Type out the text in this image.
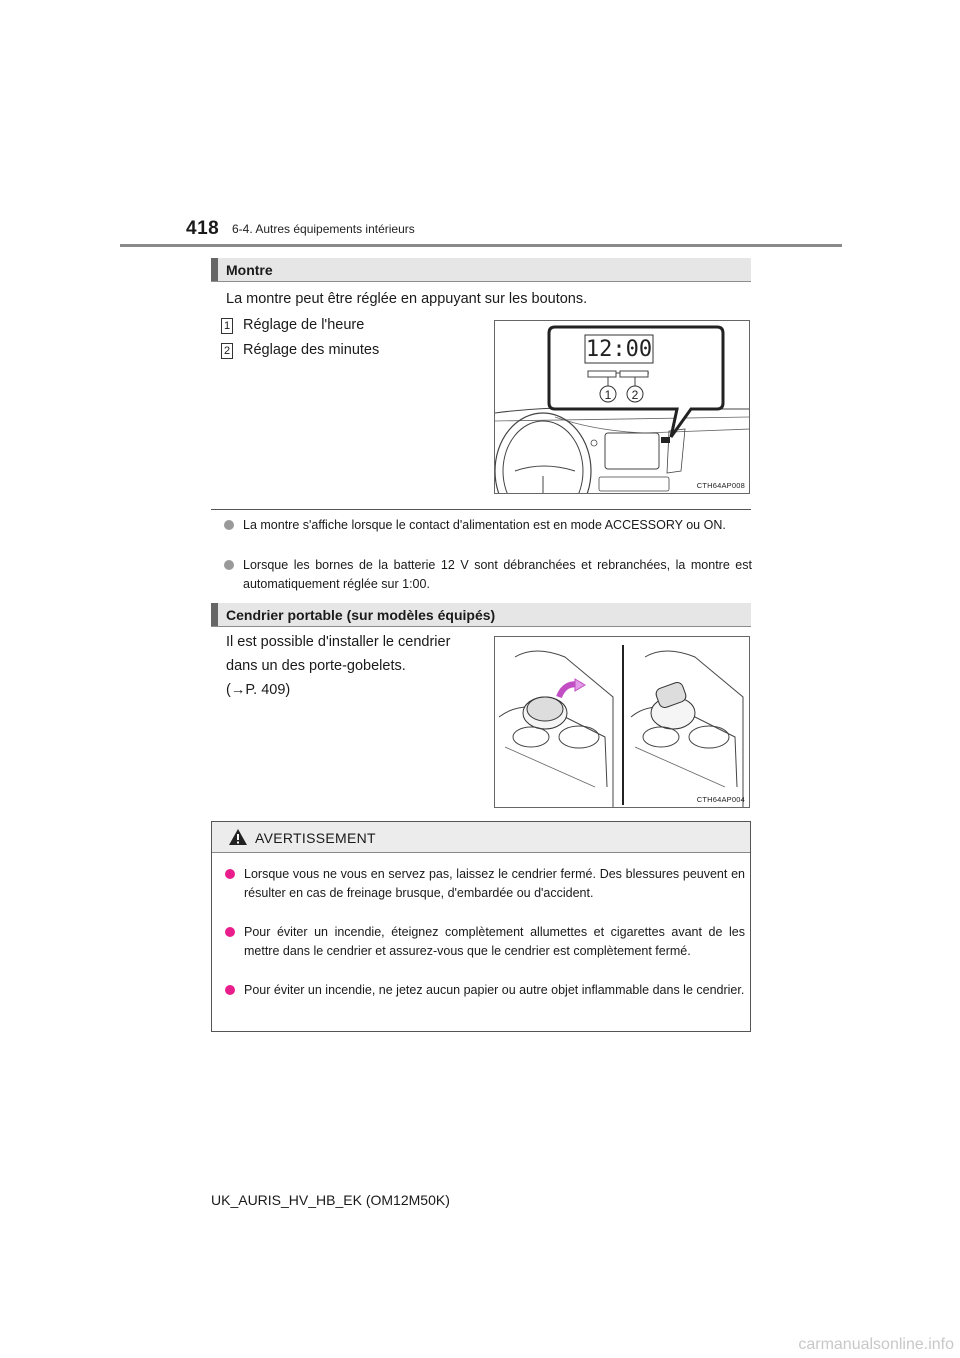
418 6-4. Autres équipements intérieurs
Montre
La montre peut être réglée en appuyant sur les boutons.
1 Réglage de l'heure
2 Réglage des minutes	12:00
1 2
CTH64AP008
La montre s'affiche lorsque le contact d'alimentation est en mode ACCESSORY ou ON.
Lorsque les bornes de la batterie 12 V sont débranchées et rebranchées, la montre est automatiquement réglée sur 1:00.
Cendrier portable (sur modèles équipés)
Il est possible d'installer le cendrier
dans un des porte-gobelets.
(→P. 409)
CTH64AP004
AVERTISSEMENT
Lorsque vous ne vous en servez pas, laissez le cendrier fermé. Des blessures peuvent en résulter en cas de freinage brusque, d'embardée ou d'accident.
Pour éviter un incendie, éteignez complètement allumettes et cigarettes avant de les mettre dans le cendrier et assurez-vous que le cendrier est complètement fermé.
Pour éviter un incendie, ne jetez aucun papier ou autre objet inflammable dans le cendrier.
UK_AURIS_HV_HB_EK (OM12M50K)
carmanualsonline.info
